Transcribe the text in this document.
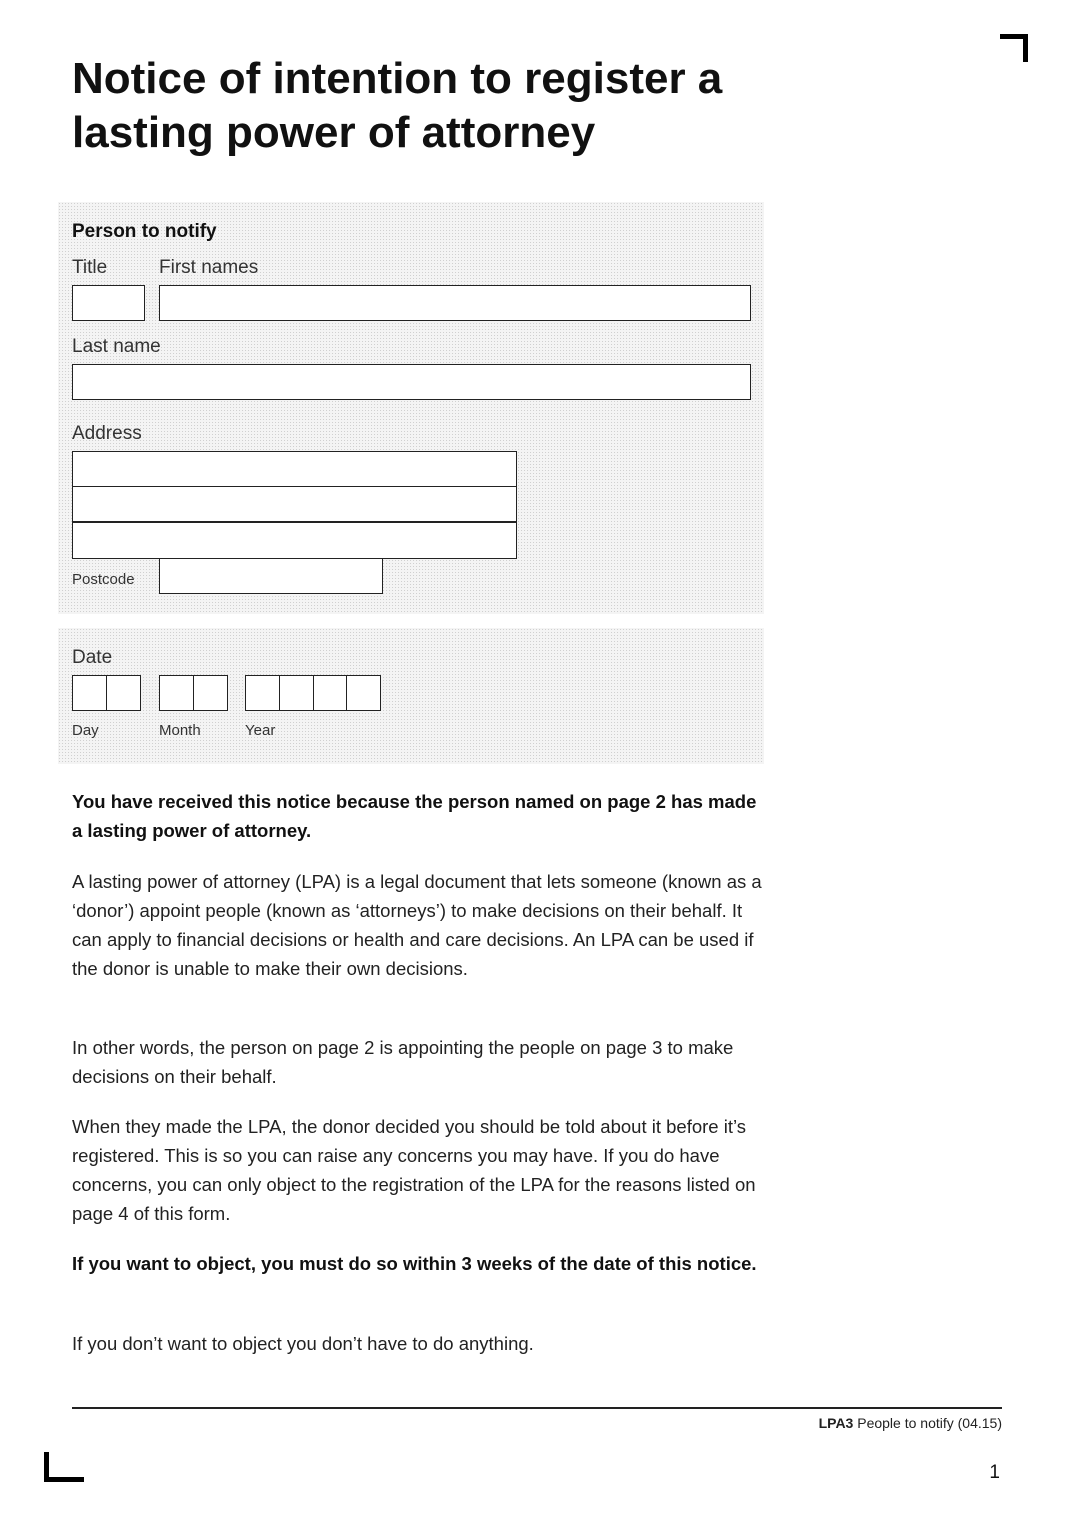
Notice of intention to register a lasting power of attorney
Person to notify
Title	First names
Last name
Address
Postcode
Date
Day	Month	Year

You have received this notice because the person named on page 2 has made a lasting power of attorney.

A lasting power of attorney (LPA) is a legal document that lets someone (known as a ‘donor’) appoint people (known as ‘attorneys’) to make decisions on their behalf. It can apply to financial decisions or health and care decisions. An LPA can be used if the donor is unable to make their own decisions.

In other words, the person on page 2 is appointing the people on page 3 to make decisions on their behalf.

When they made the LPA, the donor decided you should be told about it before it’s registered. This is so you can raise any concerns you may have. If you do have concerns, you can only object to the registration of the LPA for the reasons listed on page 4 of this form.

If you want to object, you must do so within 3 weeks of the date of this notice.

If you don’t want to object you don’t have to do anything.

LPA3 People to notify (04.15)
1
